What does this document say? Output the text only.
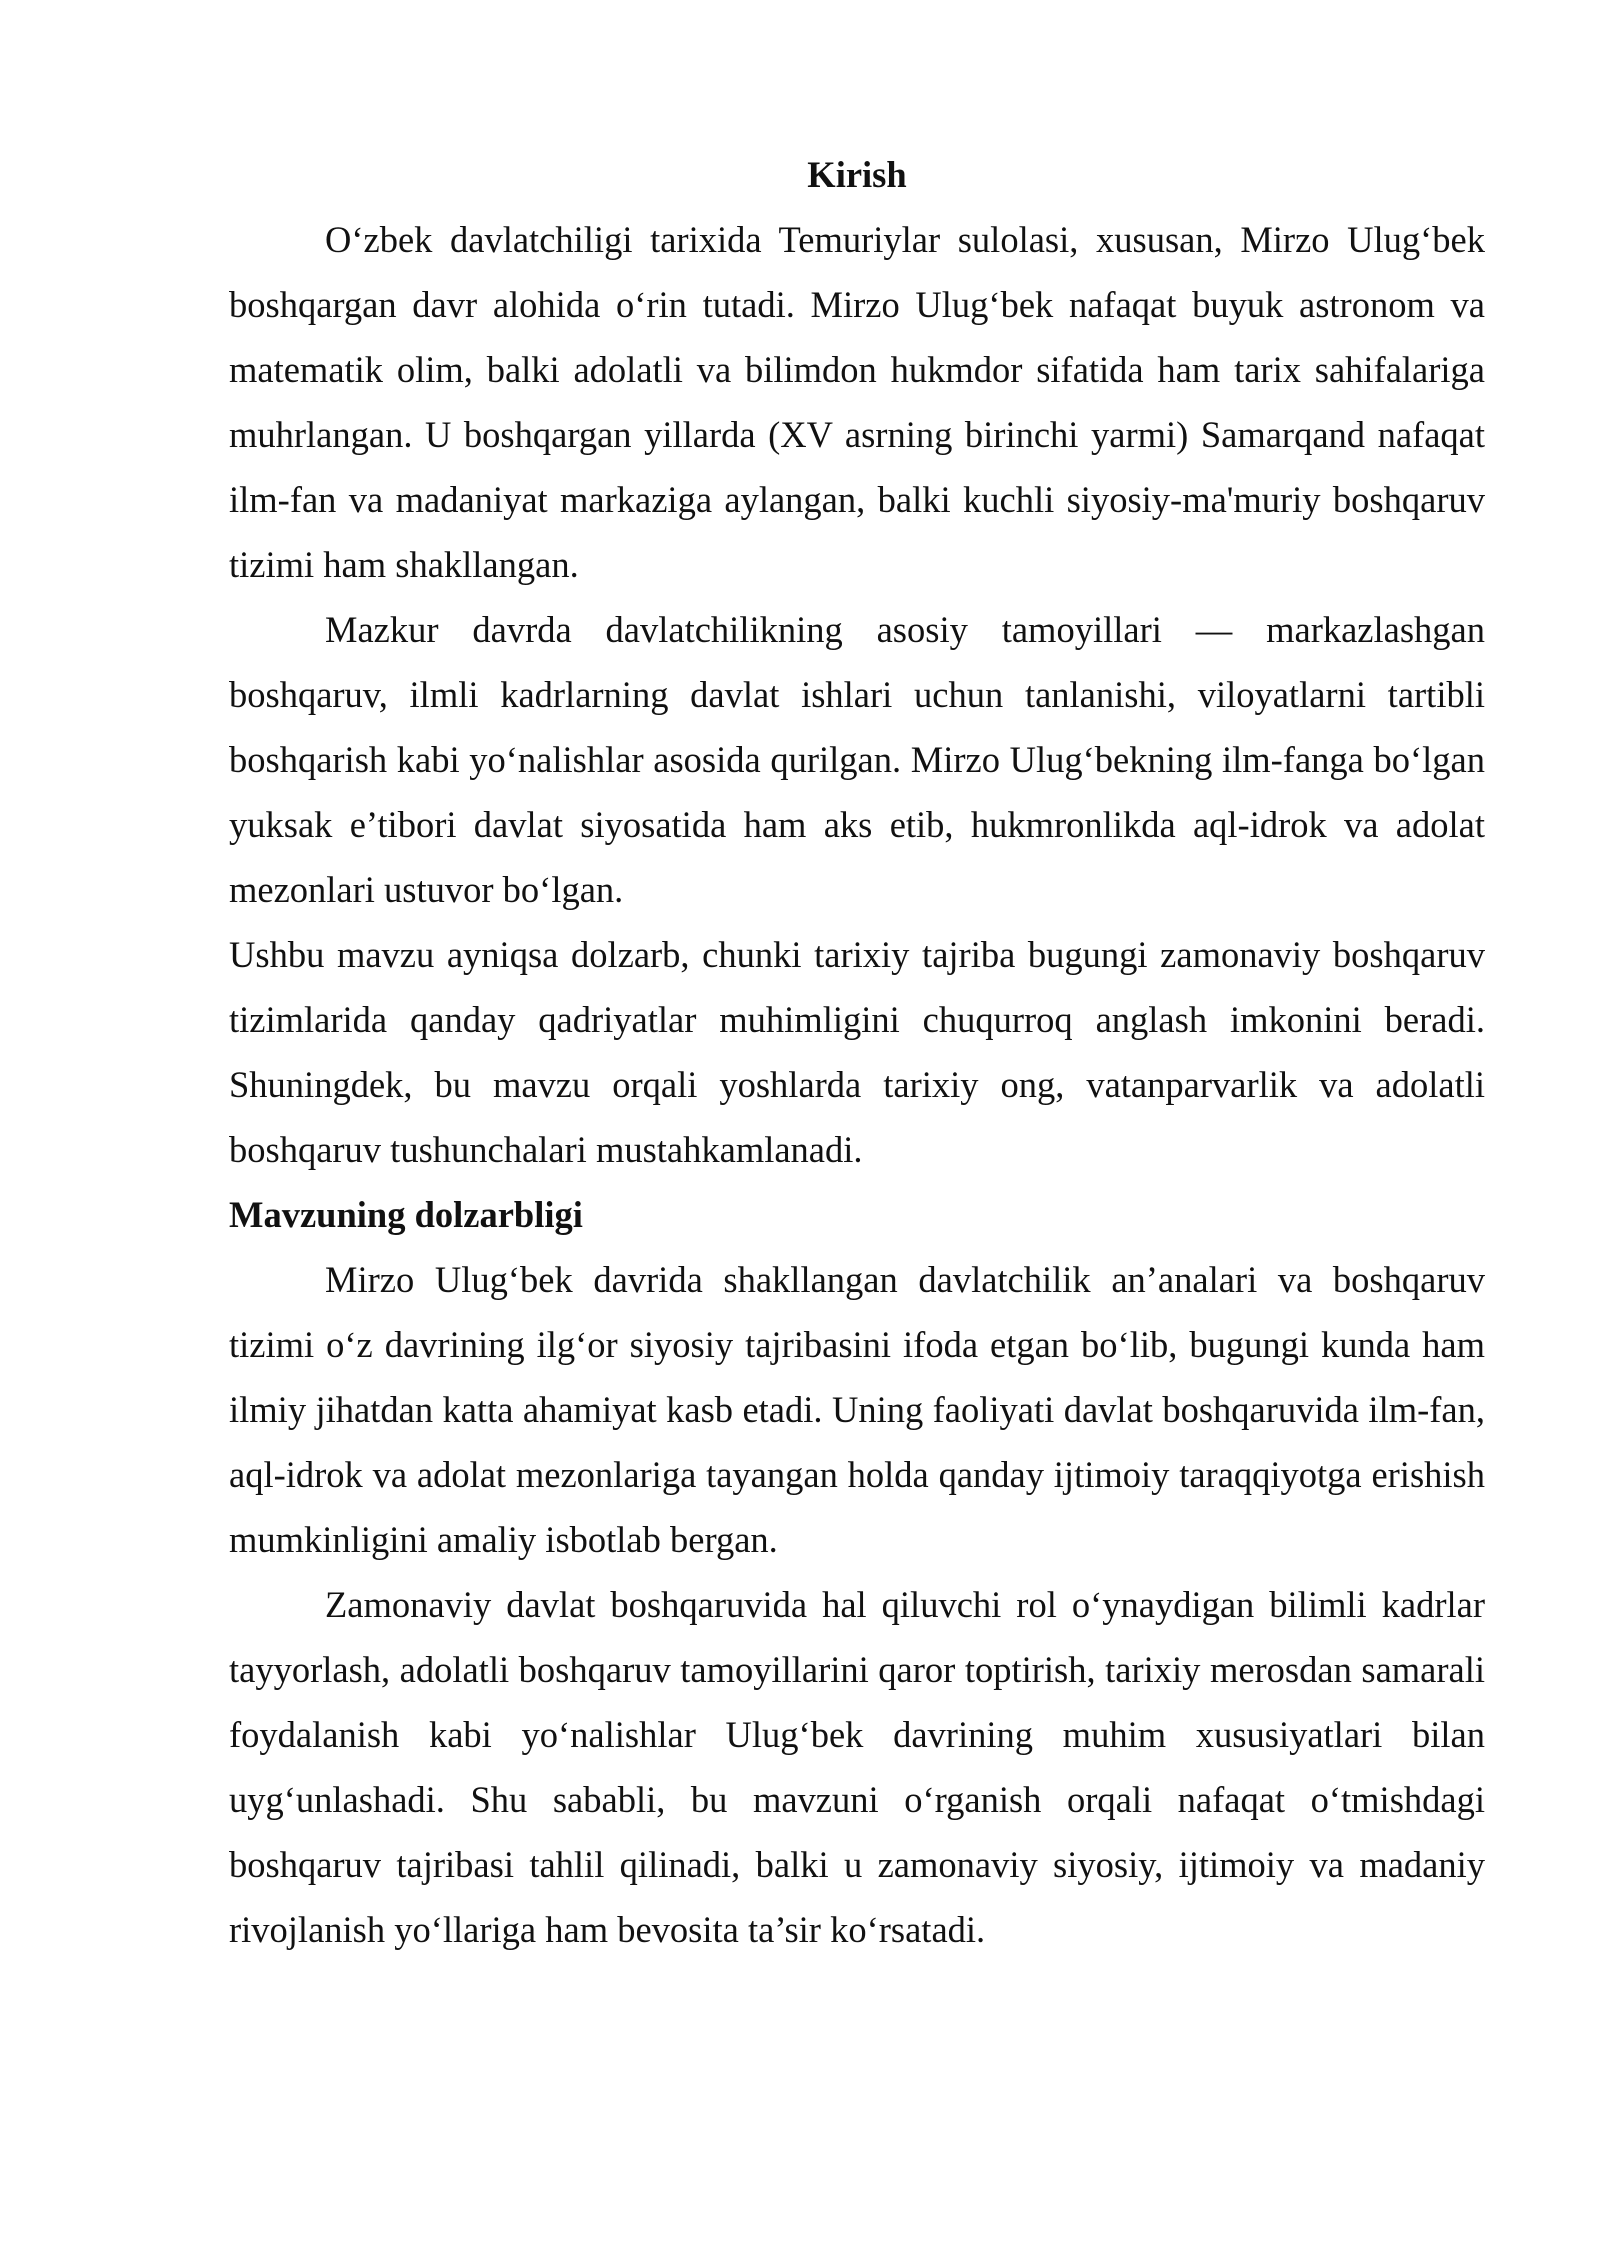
Kirish

O‘zbek davlatchiligi tarixida Temuriylar sulolasi, xususan, Mirzo Ulug‘bek boshqargan davr alohida o‘rin tutadi. Mirzo Ulug‘bek nafaqat buyuk astronom va matematik olim, balki adolatli va bilimdon hukmdor sifatida ham tarix sahifalariga muhrlangan. U boshqargan yillarda (XV asrning birinchi yarmi) Samarqand nafaqat ilm-fan va madaniyat markaziga aylangan, balki kuchli siyosiy-ma'muriy boshqaruv tizimi ham shakllangan.

Mazkur davrda davlatchilikning asosiy tamoyillari — markazlashgan boshqaruv, ilmli kadrlarning davlat ishlari uchun tanlanishi, viloyatlarni tartibli boshqarish kabi yo‘nalishlar asosida qurilgan. Mirzo Ulug‘bekning ilm-fanga bo‘lgan yuksak e’tibori davlat siyosatida ham aks etib, hukmronlikda aql-idrok va adolat mezonlari ustuvor bo‘lgan.

Ushbu mavzu ayniqsa dolzarb, chunki tarixiy tajriba bugungi zamonaviy boshqaruv tizimlarida qanday qadriyatlar muhimligini chuqurroq anglash imkonini beradi. Shuningdek, bu mavzu orqali yoshlarda tarixiy ong, vatanparvarlik va adolatli boshqaruv tushunchalari mustahkamlanadi.

Mavzuning dolzarbligi

Mirzo Ulug‘bek davrida shakllangan davlatchilik an’analari va boshqaruv tizimi o‘z davrining ilg‘or siyosiy tajribasini ifoda etgan bo‘lib, bugungi kunda ham ilmiy jihatdan katta ahamiyat kasb etadi. Uning faoliyati davlat boshqaruvida ilm-fan, aql-idrok va adolat mezonlariga tayangan holda qanday ijtimoiy taraqqiyotga erishish mumkinligini amaliy isbotlab bergan.

Zamonaviy davlat boshqaruvida hal qiluvchi rol o‘ynaydigan bilimli kadrlar tayyorlash, adolatli boshqaruv tamoyillarini qaror toptirish, tarixiy merosdan samarali foydalanish kabi yo‘nalishlar Ulug‘bek davrining muhim xususiyatlari bilan uyg‘unlashadi. Shu sababli, bu mavzuni o‘rganish orqali nafaqat o‘tmishdagi boshqaruv tajribasi tahlil qilinadi, balki u zamonaviy siyosiy, ijtimoiy va madaniy rivojlanish yo‘llariga ham bevosita ta’sir ko‘rsatadi.
